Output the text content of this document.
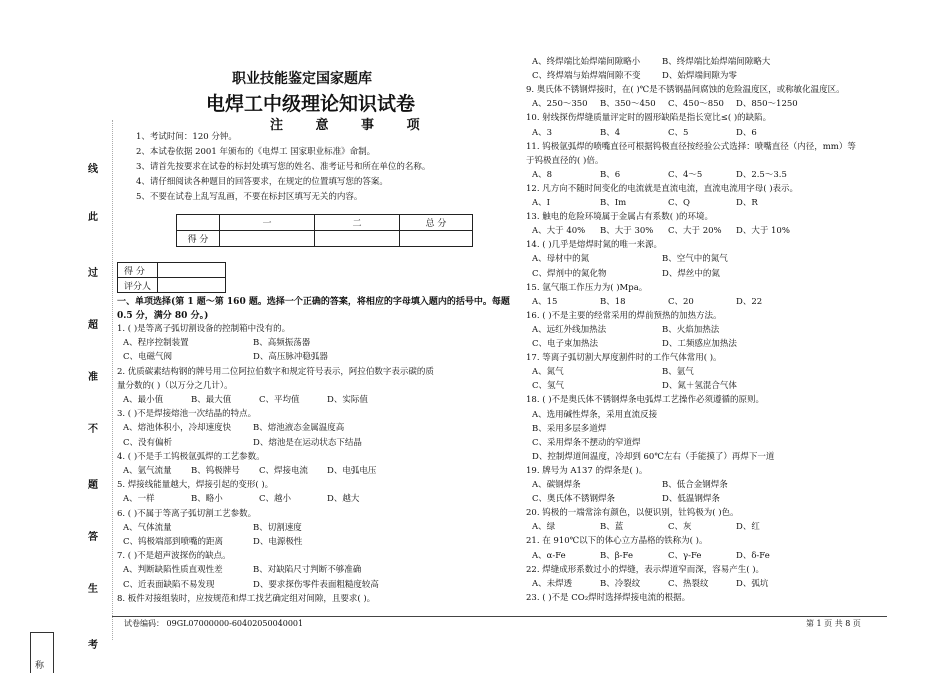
线
此
过
超
准
不
题
答
生
考
称
职业技能鉴定国家题库
电焊工中级理论知识试卷
注 意 事 项
1、考试时间：120 分钟。
2、本试卷依据 2001 年颁布的《电焊工 国家职业标准》命制。
3、请首先按要求在试卷的标封处填写您的姓名、准考证号和所在单位的名称。
4、请仔细阅读各种题目的回答要求，在规定的位置填写您的答案。
5、不要在试卷上乱写乱画，不要在标封区填写无关的内容。
	一	二	总 分
得 分			
得 分	
评分人	
一、单项选择(第 1 题～第 160 题。选择一个正确的答案，将相应的字母填入题内的括号中。每题 0.5 分，满分 80 分。)
1. ( )是等离子弧切割设备的控制箱中没有的。
A、程序控制装置	B、高频振荡器
C、电磁气阀	D、高压脉冲稳弧器
2. 优质碳素结构钢的牌号用二位阿拉伯数字和规定符号表示，阿拉伯数字表示碳的质
量分数的( )（以万分之几计）。
A、最小值	B、最大值	C、平均值	D、实际值
3. ( )不是焊接熔池一次结晶的特点。
A、熔池体积小，冷却速度快	B、熔池液态金属温度高
C、没有偏析	D、熔池是在运动状态下结晶
4. ( )不是手工钨极氩弧焊的工艺参数。
A、氩气流量 B、钨极牌号 C、焊接电流 D、电弧电压
5. 焊接线能量越大，焊接引起的变形( )。
A、一样	B、略小	C、越小	D、越大
6. ( )不属于等离子弧切割工艺参数。
A、气体流量	B、切割速度
C、钨极端部到喷嘴的距离	D、电源极性
7. ( )不是超声波探伤的缺点。
A、判断缺陷性质直观性差	B、对缺陷尺寸判断不够准确
C、近表面缺陷不易发现	D、要求探伤零件表面粗糙度较高
8. 板件对接组装时，应按规范和焊工找艺确定组对间隙，且要求( )。
A、终焊端比始焊端间隙略小	B、终焊端比始焊端间隙略大
C、终焊端与始焊端间隙不变	D、始焊端间隙为零
9. 奥氏体不锈钢焊接时，在( )℃是不锈钢晶间腐蚀的危险温度区，或称敏化温度区。
A、250～350 B、350～450 C、450～850 D、850～1250
10. 射线探伤焊缝质量评定时的圆形缺陷是指长宽比≤( )的缺陷。
A、3	B、4	C、5	D、6
11. 钨极氩弧焊的喷嘴直径可根据钨极直径按经验公式选择：喷嘴直径（内径，mm）等
于钨极直径的( )倍。
A、8	B、6	C、4～5	D、2.5～3.5
12. 凡方向不随时间变化的电流就是直流电流，直流电流用字母( )表示。
A、I	B、Im	C、Q	D、R
13. 触电的危险环境属于金属占有系数( )的环境。
A、大于 40% B、大于 30% C、大于 20% D、大于 10%
14. ( )几乎是熔焊时氮的唯一来源。
A、母材中的氮	B、空气中的氮气
C、焊剂中的氮化物	D、焊丝中的氮
15. 氩气瓶工作压力为( )Mpa。
A、15	B、18	C、20	D、22
16. ( )不是主要的经常采用的焊前预热的加热方法。
A、远红外线加热法	B、火焰加热法
C、电子束加热法	D、工频感应加热法
17. 等离子弧切割大厚度割件时的工作气体常用( )。
A、氮气	B、氩气
C、氢气	D、氮＋氢混合气体
18. ( )不是奥氏体不锈钢焊条电弧焊工艺操作必须遵循的原则。
A、选用碱性焊条，采用直流反接
B、采用多层多道焊
C、采用焊条不摆动的窄道焊
D、控制焊道间温度，冷却到 60℃左右（手能摸了）再焊下一道
19. 牌号为 A137 的焊条是( )。
A、碳钢焊条	B、低合金钢焊条
C、奥氏体不锈钢焊条	D、低温钢焊条
20. 钨极的一端常涂有颜色，以便识别，钍钨极为( )色。
A、绿	B、蓝	C、灰	D、红
21. 在 910℃以下的体心立方晶格的铁称为( )。
A、α-Fe	B、β-Fe	C、γ-Fe	D、δ-Fe
22. 焊缝成形系数过小的焊缝，表示焊道窄而深，容易产生( )。
A、未焊透	B、冷裂纹	C、热裂纹	D、弧坑
23. ( )不是 CO₂焊时选择焊接电流的根据。
试卷编码： 09GL07000000-60402050040001	第 1 页 共 8 页
